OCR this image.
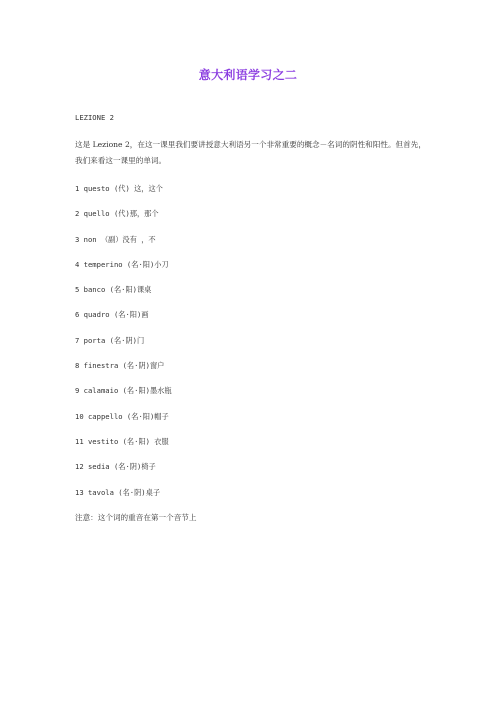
意大利语学习之二
LEZIONE 2
这是 Lezione 2，在这一课里我们要讲授意大利语另一个非常重要的概念－名词的阴性和阳性。但首先，我们来看这一课里的单词。
1 questo (代) 这，这个
2 quello (代)那，那个
3 non （副）没有 ，不
4 temperino (名·阳)小刀
5 banco (名·阳)课桌
6 quadro (名·阳)画
7 porta (名·阴)门
8 finestra (名·阴)窗户
9 calamaio (名·阳)墨水瓶
10 cappello (名·阳)帽子
11 vestito (名·阳) 衣服
12 sedia (名·阴)椅子
13 tavola (名·阴)桌子
注意：这个词的重音在第一个音节上
